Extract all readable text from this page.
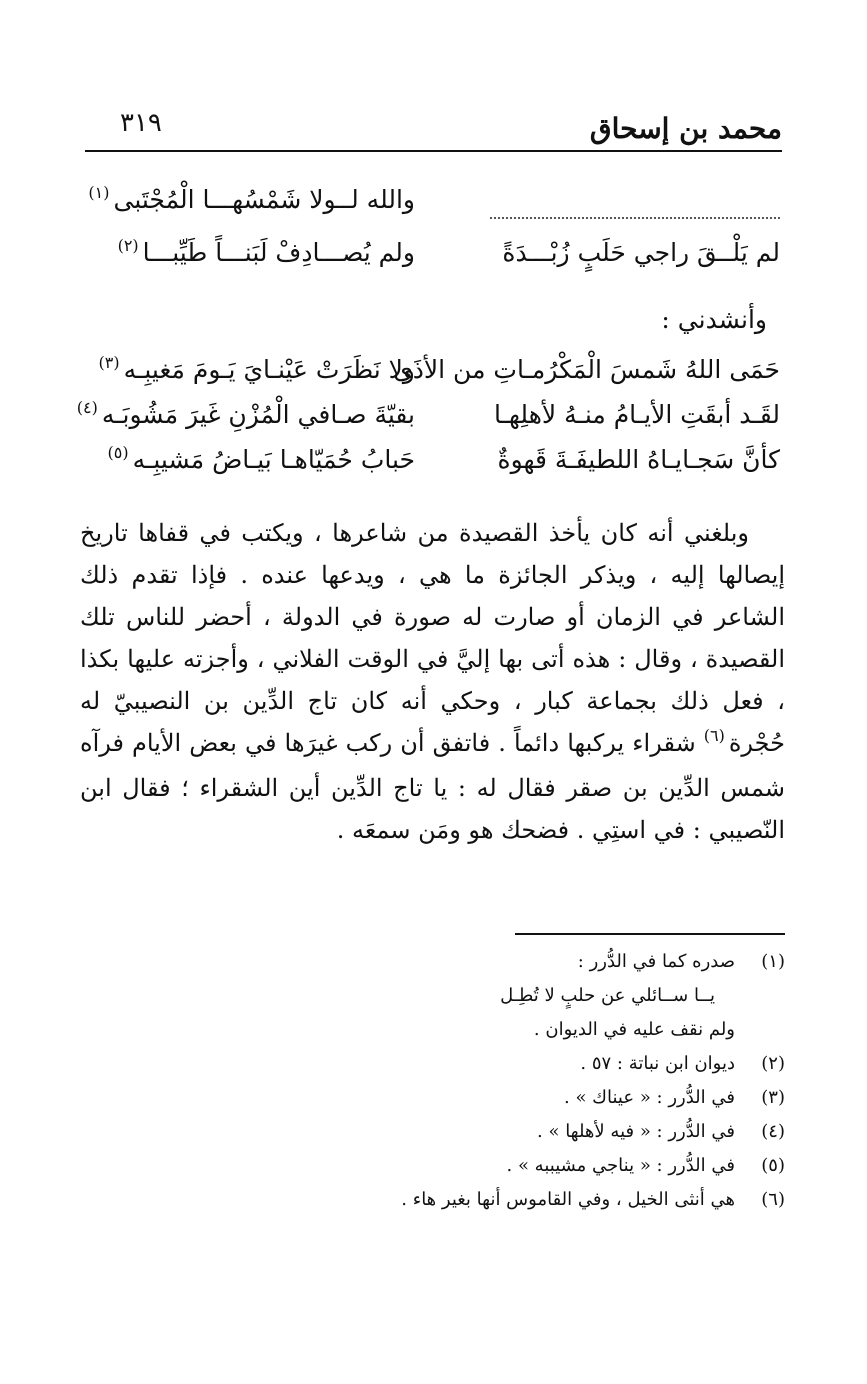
٣١٩	محمد بن إسحاق
والله لــولا شَمْسُهـــا الْمُجْتَبى$^{(١)}$
لم يَلْــقَ راجي حَلَبٍ زُبْـــدَةً
ولم يُصـــادِفْ لَبَنـــاً طَيِّبـــا$^{(٢)}$
وأنشدني :
حَمَى اللهُ شَمسَ الْمَكْرُمـاتِ من الأذَى
ولا نَظَرَتْ عَيْنـايَ يَـومَ مَغيبِـه$^{(٣)}$
لقَـد أبقَتِ الأيـامُ منـهُ لأهلِهـا
بقيّةَ صـافي الْمُزْنِ غَيرَ مَشُوبَـه$^{(٤)}$
كأنَّ سَجـايـاهُ اللطيفَـةَ قَهوةٌ
حَبابُ حُمَيّاهـا بَيـاضُ مَشيبِـه$^{(٥)}$

وبلغني أنه كان يأخذ القصيدة من شاعرها ، ويكتب في قفاها تاريخ إيصالها إليه ، ويذكر الجائزة ما هي ، ويدعها عنده . فإذا تقدم ذلك الشاعر في الزمان أو صارت له صورة في الدولة ، أحضر للناس تلك القصيدة ، وقال : هذه أتى بها إليَّ في الوقت الفلاني ، وأجزته عليها بكذا ، فعل ذلك بجماعة كبار ، وحكي أنه كان تاج الدِّين بن النصيبيّ له حُجْرة$^{(٦)}$ شقراء يركبها دائماً . فاتفق أن ركب غيرَها في بعض الأيام فرآه شمس الدِّين بن صقر فقال له : يا تاج الدِّين أين الشقراء ؛ فقال ابن النّصيبي : في استِي . فضحك هو ومَن سمعَه .

(١)
صدره كما في الدُّرر :
يــا ســائلي عن حلبٍ لا تُطِـل
ولم نقف عليه في الديوان .
(٢)
ديوان ابن نباتة : ٥٧ .
(٣)
في الدُّرر : « عيناك » .
(٤)
في الدُّرر : « فيه لأهلها » .
(٥)
في الدُّرر : « يناجي مشيببه » .
(٦)
هي أنثى الخيل ، وفي القاموس أنها بغير هاء .
